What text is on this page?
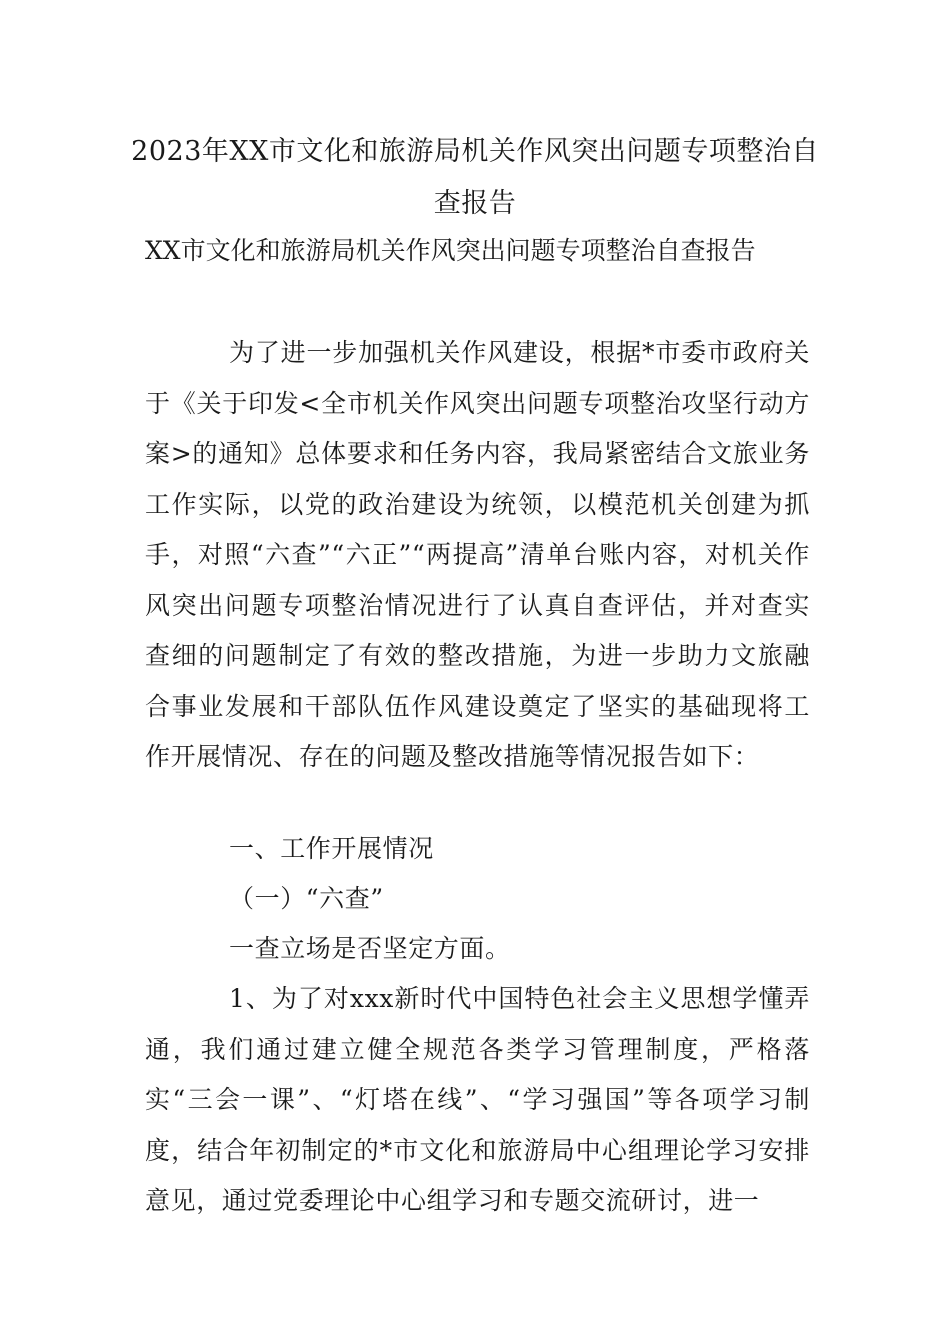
2023年XX市文化和旅游局机关作风突出问题专项整治自查报告
XX市文化和旅游局机关作风突出问题专项整治自查报告
为了进一步加强机关作风建设，根据*市委市政府关于《关于印发<全市机关作风突出问题专项整治攻坚行动方案>的通知》总体要求和任务内容，我局紧密结合文旅业务工作实际，以党的政治建设为统领，以模范机关创建为抓手，对照“六查”“六正”“两提高”清单台账内容，对机关作风突出问题专项整治情况进行了认真自查评估，并对查实查细的问题制定了有效的整改措施，为进一步助力文旅融合事业发展和干部队伍作风建设奠定了坚实的基础现将工作开展情况、存在的问题及整改措施等情况报告如下：
一、工作开展情况
（一）“六查”
一查立场是否坚定方面。
1、为了对xxx新时代中国特色社会主义思想学懂弄通，我们通过建立健全规范各类学习管理制度，严格落实“三会一课”、“灯塔在线”、“学习强国”等各项学习制度，结合年初制定的*市文化和旅游局中心组理论学习安排意见，通过党委理论中心组学习和专题交流研讨，进一
